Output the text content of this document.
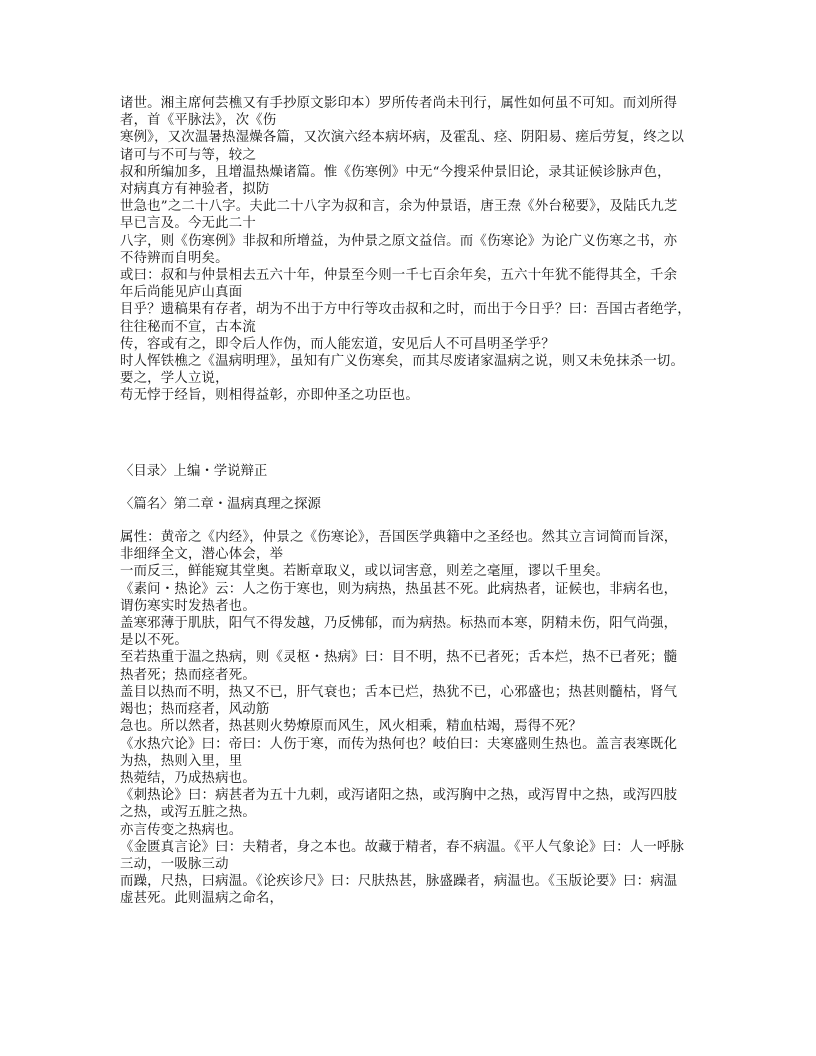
诸世。湘主席何芸樵又有手抄原文影印本）罗所传者尚未刊行，属性如何虽不可知。而刘所得
者，首《平脉法》，次《伤
寒例》，又次温暑热湿燥各篇，又次演六经本病坏病，及霍乱、痉、阴阳易、瘥后劳复，终之以
诸可与不可与等，较之
叔和所编加多，且增温热燥诸篇。惟《伤寒例》中无“今搜采仲景旧论，录其证候诊脉声色，
对病真方有神验者，拟防
世急也”之二十八字。夫此二十八字为叔和言，余为仲景语，唐王焘《外台秘要》，及陆氏九芝
早已言及。今无此二十
八字，则《伤寒例》非叔和所增益，为仲景之原文益信。而《伤寒论》为论广义伤寒之书，亦
不待辨而自明矣。
或曰：叔和与仲景相去五六十年，仲景至今则一千七百余年矣，五六十年犹不能得其全，千余
年后尚能见庐山真面
目乎？遗稿果有存者，胡为不出于方中行等攻击叔和之时，而出于今日乎？曰：吾国古者绝学，
往往秘而不宣，古本流
传，容或有之，即令后人作伪，而人能宏道，安见后人不可昌明圣学乎？
时人恽铁樵之《温病明理》，虽知有广义伤寒矣，而其尽废诸家温病之说，则又未免抹杀一切。
要之，学人立说，
苟无悖于经旨，则相得益彰，亦即仲圣之功臣也。
〈目录〉上编・学说辩正
〈篇名〉第二章・温病真理之探源
属性：黄帝之《内经》，仲景之《伤寒论》，吾国医学典籍中之圣经也。然其立言词简而旨深，
非细绎全文，潜心体会，举
一而反三，鲜能窥其堂奥。若断章取义，或以词害意，则差之毫厘，谬以千里矣。
《素问・热论》云：人之伤于寒也，则为病热，热虽甚不死。此病热者，证候也，非病名也，
谓伤寒实时发热者也。
盖寒邪薄于肌肤，阳气不得发越，乃反怫郁，而为病热。标热而本寒，阴精未伤，阳气尚强，
是以不死。
至若热重于温之热病，则《灵枢・热病》曰：目不明，热不已者死；舌本烂，热不已者死；髓
热者死；热而痉者死。
盖目以热而不明，热又不已，肝气衰也；舌本已烂，热犹不已，心邪盛也；热甚则髓枯，肾气
竭也；热而痉者，风动筋
急也。所以然者，热甚则火势燎原而风生，风火相乘，精血枯竭，焉得不死？
《水热穴论》曰：帝曰：人伤于寒，而传为热何也？岐伯曰：夫寒盛则生热也。盖言表寒既化
为热，热则入里，里
热菀结，乃成热病也。
《刺热论》曰：病甚者为五十九刺，或泻诸阳之热，或泻胸中之热，或泻胃中之热，或泻四肢
之热，或泻五脏之热。
亦言传变之热病也。
《金匮真言论》曰：夫精者，身之本也。故藏于精者，春不病温。《平人气象论》曰：人一呼脉
三动，一吸脉三动
而躁，尺热，曰病温。《论疾诊尺》曰：尺肤热甚，脉盛躁者，病温也。《玉版论要》曰：病温
虚甚死。此则温病之命名，
